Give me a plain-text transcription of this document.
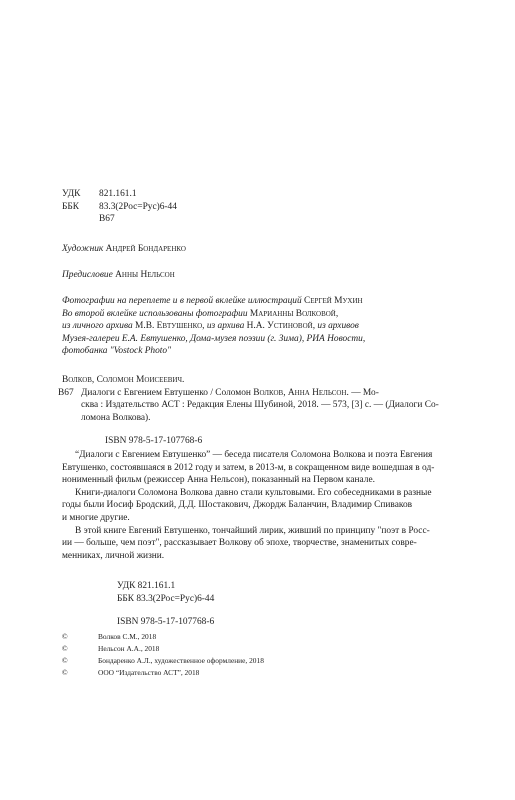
УДК 821.161.1
ББК 83.3(2Рос=Рус)6-44
В67
Художник Андрей Бондаренко
Предисловие Анны Нельсон
Фотографии на переплете и в первой вклейке иллюстраций Сергей Мухин
Во второй вклейке использованы фотографии Марианны Волковой,
из личного архива М.В. Евтушенко, из архива Н.А. Устиновой, из архивов
Музея-галереи Е.А. Евтушенко, Дома-музея поэзии (г. Зима), РИА Новости,
фотобанка "Vostock Photo"
Волков, Соломон Моисеевич.
В67 Диалоги с Евгением Евтушенко / Соломон Волков, Анна Нельсон. — Мо-
сква : Издательство АСТ : Редакция Елены Шубиной, 2018. — 573, [3] с. — (Диалоги Со-
ломона Волкова).
ISBN 978-5-17-107768-6
“Диалоги с Евгением Евтушенко” — беседа писателя Соломона Волкова и поэта Евгения
Евтушенко, состоявшаяся в 2012 году и затем, в 2013-м, в сокращенном виде вошедшая в од-
нонименный фильм (режиссер Анна Нельсон), показанный на Первом канале.
Книги-диалоги Соломона Волкова давно стали культовыми. Его собеседниками в разные
годы были Иосиф Бродский, Д.Д. Шостакович, Джордж Баланчин, Владимир Спиваков
и многие другие.
В этой книге Евгений Евтушенко, тончайший лирик, живший по принципу "поэт в Росс-
ии — больше, чем поэт", рассказывает Волкову об эпохе, творчестве, знаменитых совре-
менниках, личной жизни.
УДК 821.161.1
ББК 83.3(2Рос=Рус)6-44
ISBN 978-5-17-107768-6
©	Волков С.М., 2018
©	Нельсон А.А., 2018
©	Бондаренко А.Л., художественное оформление, 2018
©	ООО “Издательство АСТ”, 2018
